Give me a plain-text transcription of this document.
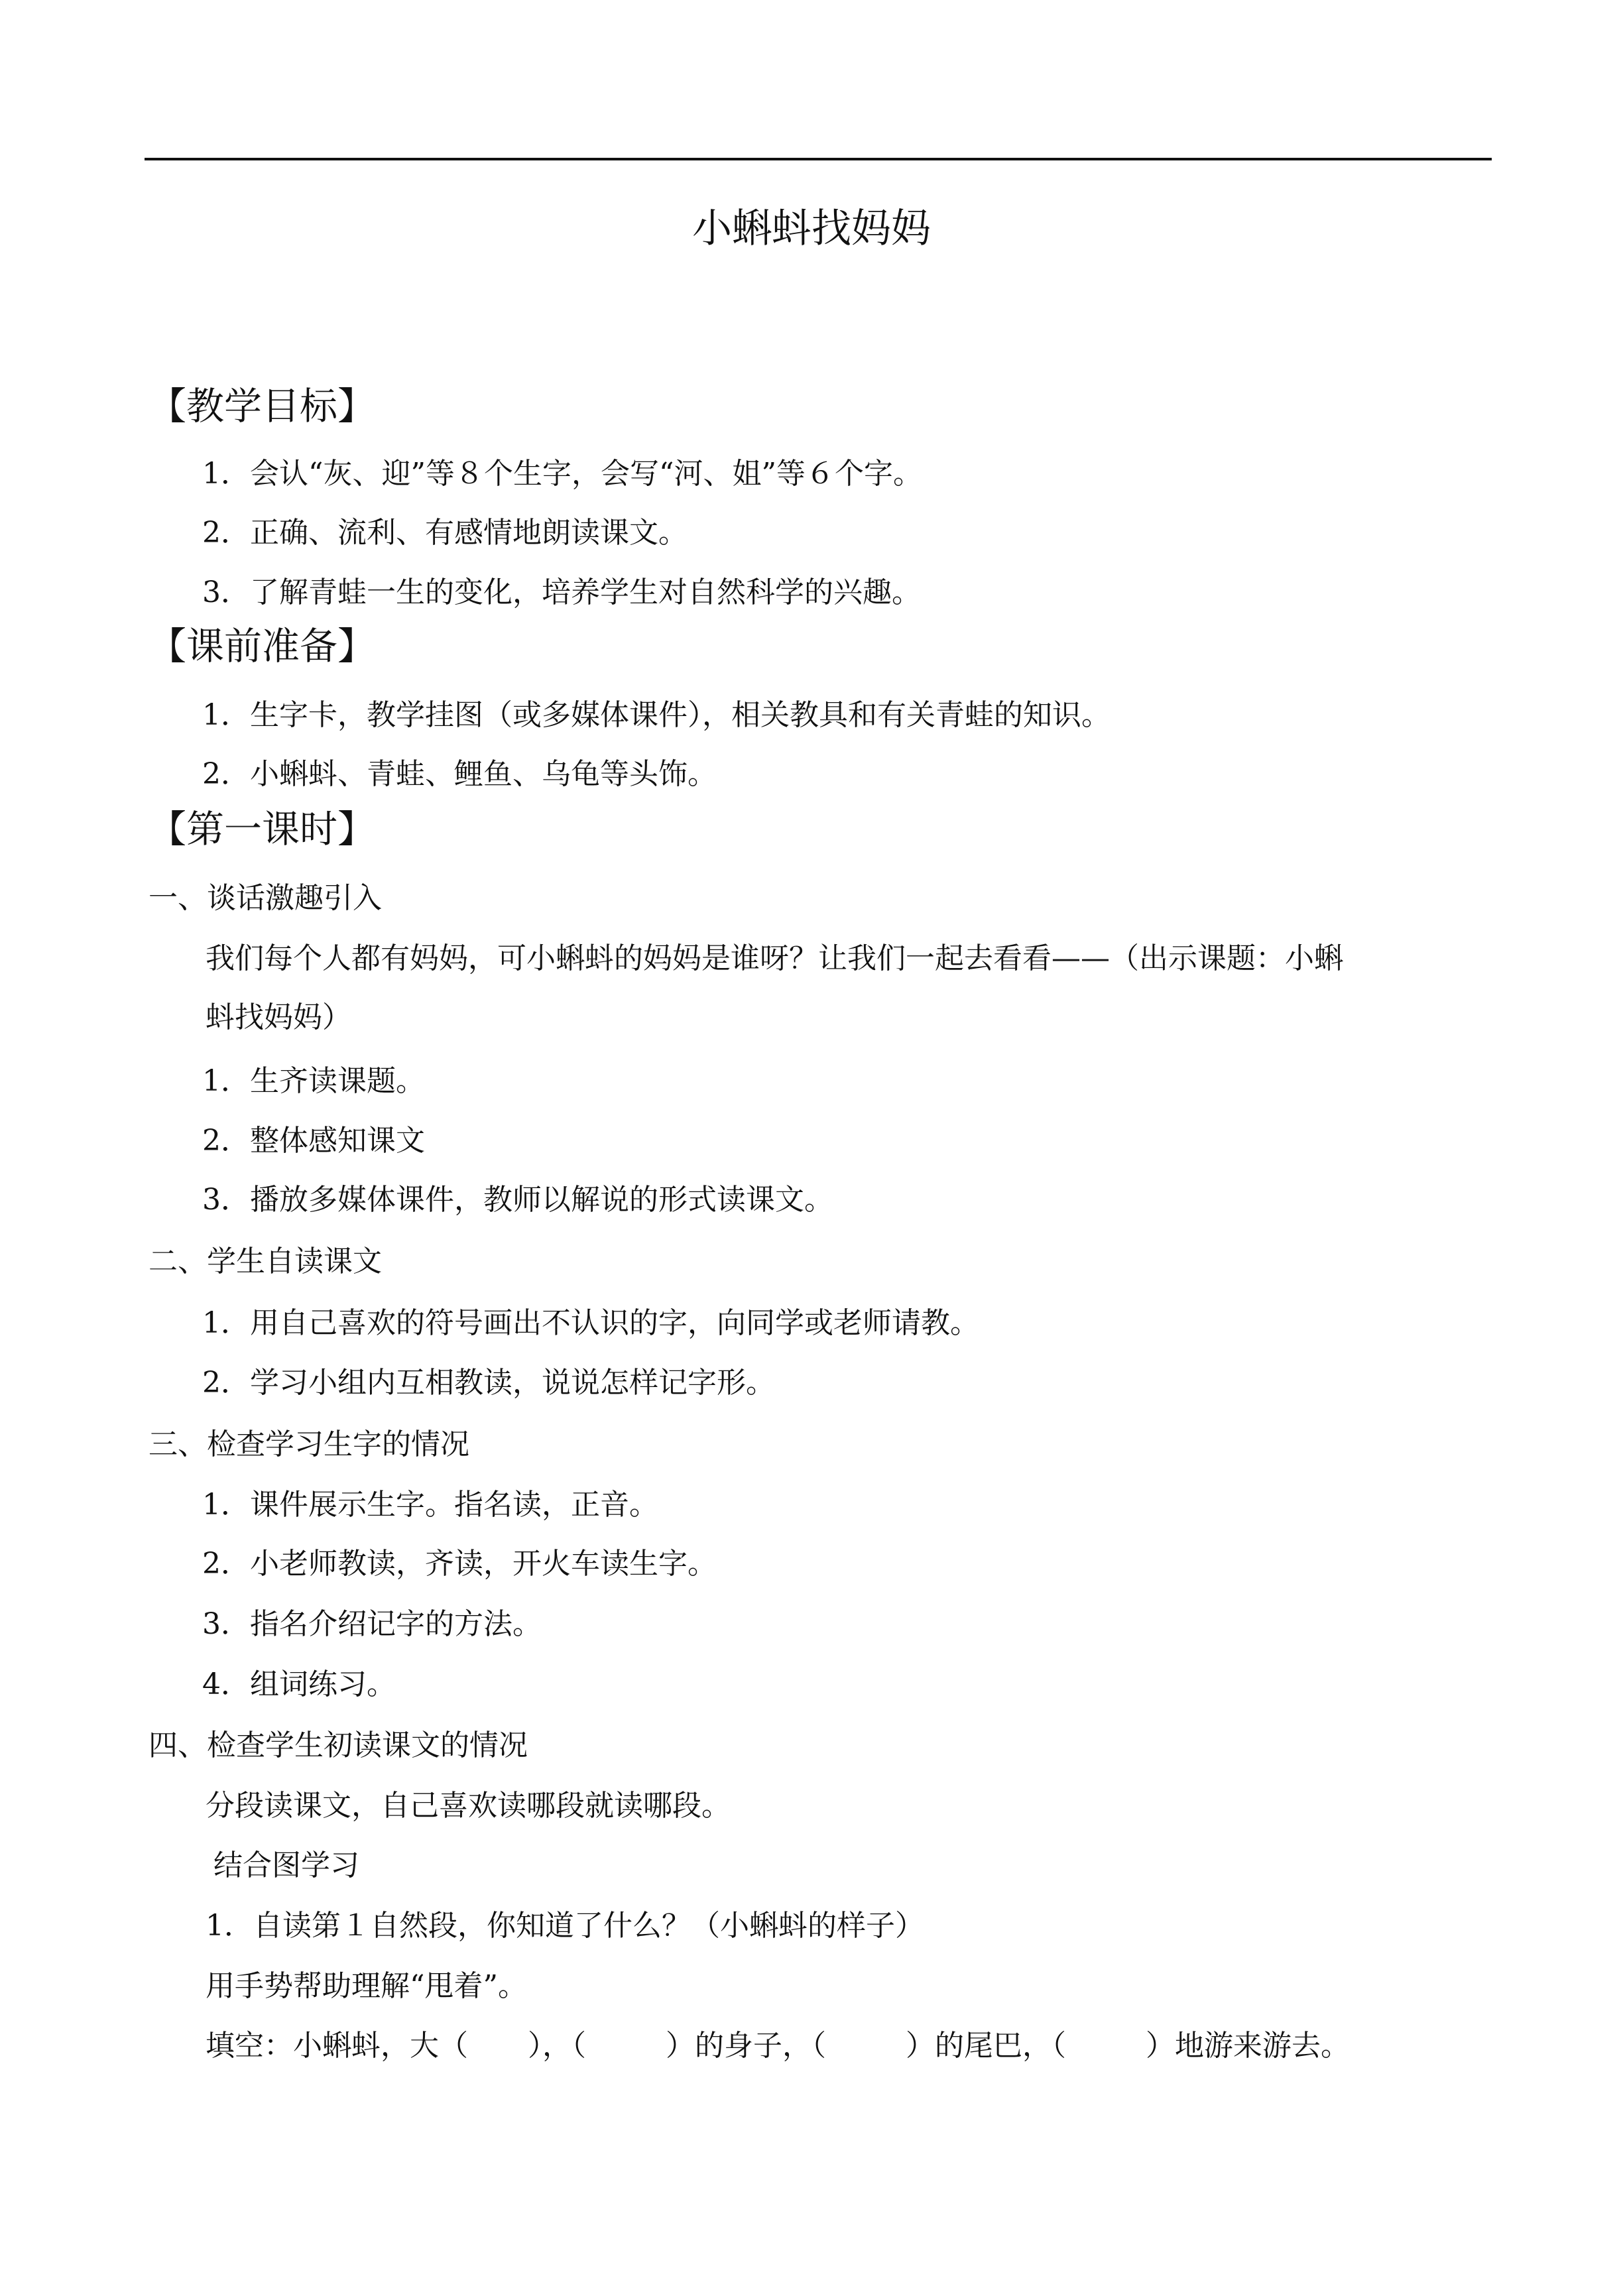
小蝌蚪找妈妈
【教学目标】
1．会认“灰、迎”等８个生字，会写“河、姐”等６个字。
2．正确、流利、有感情地朗读课文。
3．了解青蛙一生的变化，培养学生对自然科学的兴趣。
【课前准备】
1．生字卡，教学挂图（或多媒体课件），相关教具和有关青蛙的知识。
2．小蝌蚪、青蛙、鲤鱼、乌龟等头饰。
【第一课时】
一、谈话激趣引入
我们每个人都有妈妈，可小蝌蚪的妈妈是谁呀？让我们一起去看看——（出示课题：小蝌
蚪找妈妈）
1．生齐读课题。
2．整体感知课文
3．播放多媒体课件，教师以解说的形式读课文。
二、学生自读课文
1．用自己喜欢的符号画出不认识的字，向同学或老师请教。
2．学习小组内互相教读，说说怎样记字形。
三、检查学习生字的情况
1．课件展示生字。指名读，正音。
2．小老师教读，齐读，开火车读生字。
3．指名介绍记字的方法。
4．组词练习。
四、检查学生初读课文的情况
分段读课文，自己喜欢读哪段就读哪段。
结合图学习
1．自读第１自然段，你知道了什么？（小蝌蚪的样子）
用手势帮助理解“甩着”。
填空：小蝌蚪，大（ ），（	）的身子，（	）的尾巴，（	）地游来游去。
